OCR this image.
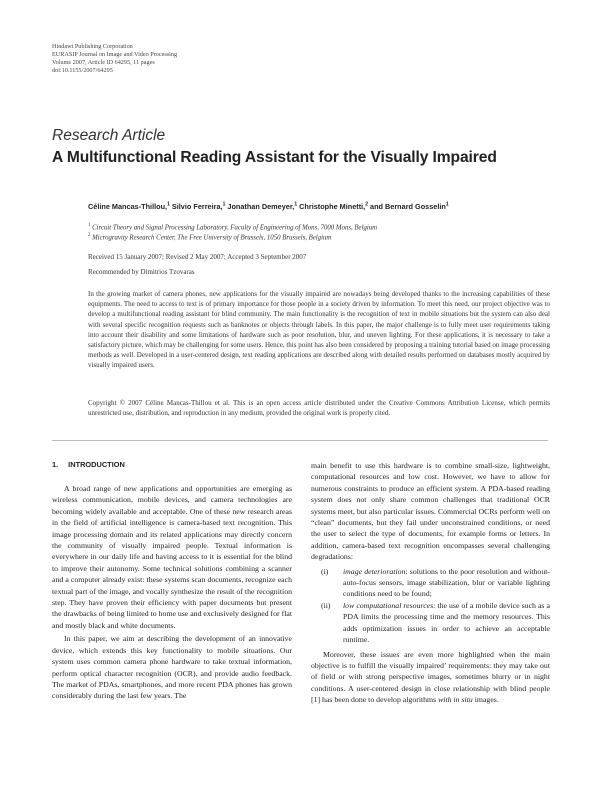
Hindawi Publishing Corporation
EURASIP Journal on Image and Video Processing
Volume 2007, Article ID 64295, 11 pages
doi:10.1155/2007/64295
Research Article
A Multifunctional Reading Assistant for the Visually Impaired
Céline Mancas-Thillou,$^1$ Silvio Ferreira,$^1$ Jonathan Demeyer,$^1$ Christophe Minetti,$^2$ and Bernard Gosselin$^1$
$^1$ Circuit Theory and Signal Processing Laboratory, Faculty of Engineering of Mons, 7000 Mons, Belgium
$^2$ Microgravity Research Center, The Free University of Brussels, 1050 Brussels, Belgium
Received 15 January 2007; Revised 2 May 2007; Accepted 3 September 2007
Recommended by Dimitrios Tzovaras
In the growing market of camera phones, new applications for the visually impaired are nowadays being developed thanks to the increasing capabilities of these equipments. The need to access to text is of primary importance for those people in a society driven by information. To meet this need, our project objective was to develop a multifunctional reading assistant for blind community. The main functionality is the recognition of text in mobile situations but the system can also deal with several specific recognition requests such as banknotes or objects through labels. In this paper, the major challenge is to fully meet user requirements taking into account their disability and some limitations of hardware such as poor resolution, blur, and uneven lighting. For these applications, it is necessary to take a satisfactory picture, which may be challenging for some users. Hence, this point has also been considered by proposing a training tutorial based on image processing methods as well. Developed in a user-centered design, text reading applications are described along with detailed results performed on databases mostly acquired by visually impaired users.
Copyright © 2007 Céline Mancas-Thillou et al. This is an open access article distributed under the Creative Commons Attribution License, which permits unrestricted use, distribution, and reproduction in any medium, provided the original work is properly cited.
1. INTRODUCTION

A broad range of new applications and opportunities are emerging as wireless communication, mobile devices, and camera technologies are becoming widely available and acceptable. One of these new research areas in the field of artificial intelligence is camera-based text recognition. This image processing domain and its related applications may directly concern the community of visually impaired people. Textual information is everywhere in our daily life and having access to it is essential for the blind to improve their autonomy. Some technical solutions combining a scanner and a computer already exist: these systems scan documents, recognize each textual part of the image, and vocally synthesize the result of the recognition step. They have proven their efficiency with paper documents but present the drawbacks of being limited to home use and exclusively designed for flat and mostly black and white documents.

In this paper, we aim at describing the development of an innovative device, which extends this key functionality to mobile situations. Our system uses common camera phone hardware to take textual information, perform optical character recognition (OCR), and provide audio feedback. The market of PDAs, smartphones, and more recent PDA phones has grown considerably during the last few years. The

main benefit to use this hardware is to combine small-size, lightweight, computational resources and low cost. However, we have to allow for numerous constraints to produce an efficient system. A PDA-based reading system does not only share common challenges that traditional OCR systems meet, but also particular issues. Commercial OCRs perform well on “clean” documents, but they fail under unconstrained conditions, or need the user to select the type of documents, for example forms or letters. In addition, camera-based text recognition encompasses several challenging degradations:

(i) image deterioration: solutions to the poor resolution and without-auto-focus sensors, image stabilization, blur or variable lighting conditions need to be found;
(ii) low computational resources: the use of a mobile device such as a PDA limits the processing time and the memory resources. This adds optimization issues in order to achieve an acceptable runtime.

Moreover, these issues are even more highlighted when the main objective is to fulfill the visually impaired’ requirements: they may take out of field or with strong perspective images, sometimes blurry or in night conditions. A user-centered design in close relationship with blind people [1] has been done to develop algorithms with in situ images.
